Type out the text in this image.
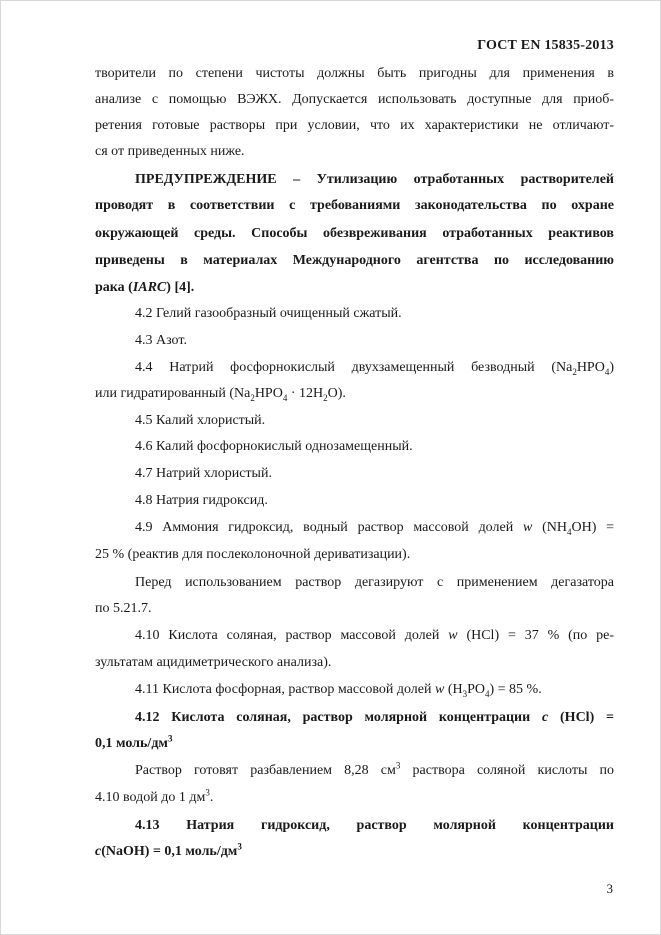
ГОСТ EN 15835-2013
творители по степени чистоты должны быть пригодны для применения в
анализе с помощью ВЭЖХ. Допускается использовать доступные для приоб-
ретения готовые растворы при условии, что их характеристики не отличают-
ся от приведенных ниже.
ПРЕДУПРЕЖДЕНИЕ – Утилизацию отработанных растворителей
проводят в соответствии с требованиями законодательства по охране
окружающей среды. Способы обезвреживания отработанных реактивов
приведены в материалах Международного агентства по исследованию
рака (IARC) [4].
4.2 Гелий газообразный очищенный сжатый.
4.3 Азот.
4.4 Натрий фосфорнокислый двухзамещенный безводный $(Na_2HPO_4)$
или гидратированный $(Na_2HPO_4 \cdot 12H_2O)$.
4.5 Калий хлористый.
4.6 Калий фосфорнокислый однозамещенный.
4.7 Натрий хлористый.
4.8 Натрия гидроксид.
4.9 Аммония гидроксид, водный раствор массовой долей w $(NH_4OH)$ =
25 % (реактив для послеколоночной дериватизации).
Перед использованием раствор дегазируют с применением дегазатора
по 5.21.7.
4.10 Кислота соляная, раствор массовой долей w (HCl) = 37 % (по ре-
зультатам ацидиметрического анализа).
4.11 Кислота фосфорная, раствор массовой долей w $(H_3PO_4) = 85$ %.
4.12 Кислота соляная, раствор молярной концентрации c (HCl) =
0,1 моль/$дм^3$
Раствор готовят разбавлением 8,28 $см^3$ раствора соляной кислоты по
4.10 водой до 1 $дм^3$.
4.13 Натрия гидроксид, раствор молярной концентрации
c(NaOH) = 0,1 моль/$дм^3$
3
